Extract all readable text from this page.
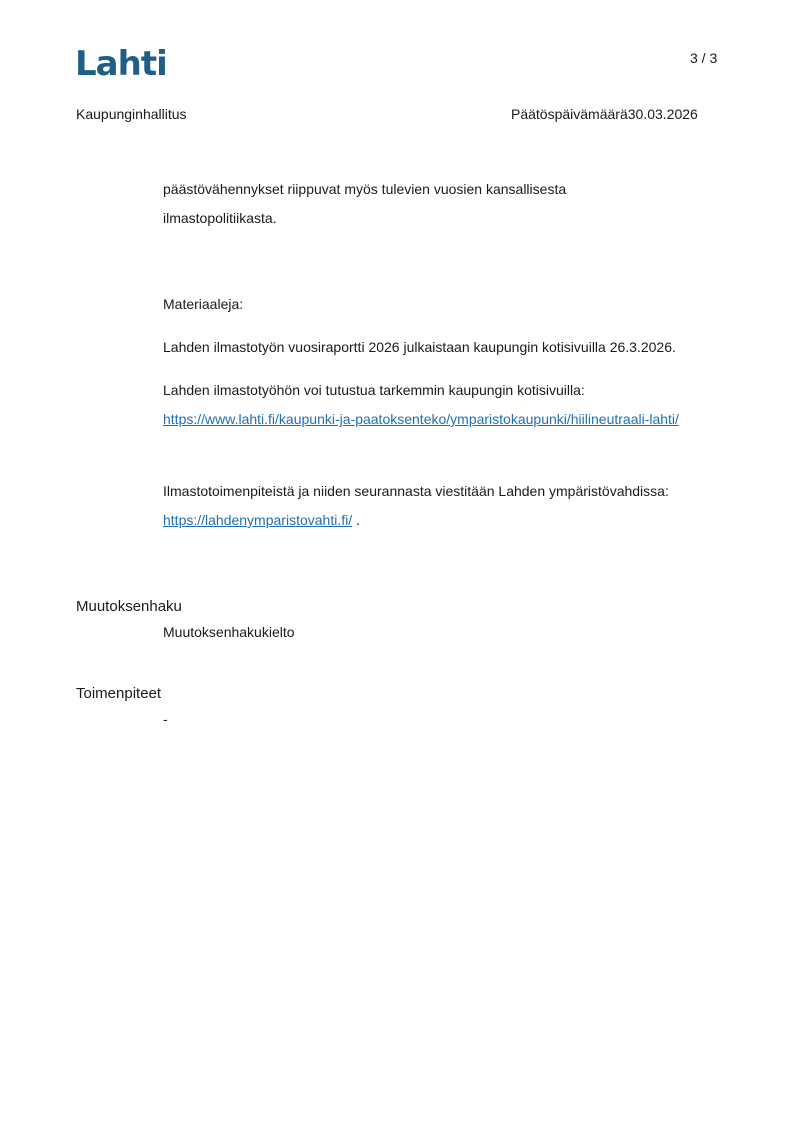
Lahti	3 / 3
Kaupunginhallitus	Päätöspäivämäärä30.03.2026

päästövähennykset riippuvat myös tulevien vuosien kansallisesta ilmastopolitiikasta.

Materiaaleja:

Lahden ilmastotyön vuosiraportti 2026 julkaistaan kaupungin kotisivuilla 26.3.2026.

Lahden ilmastotyöhön voi tutustua tarkemmin kaupungin kotisivuilla:
https://www.lahti.fi/kaupunki-ja-paatoksenteko/ymparistokaupunki/hiilineutraali-lahti/
Ilmastotoimenpiteistä ja niiden seurannasta viestitään Lahden ympäristövahdissa:
https://lahdenymparistovahti.fi/ .
Muutoksenhaku
Muutoksenhakukielto
Toimenpiteet
-
